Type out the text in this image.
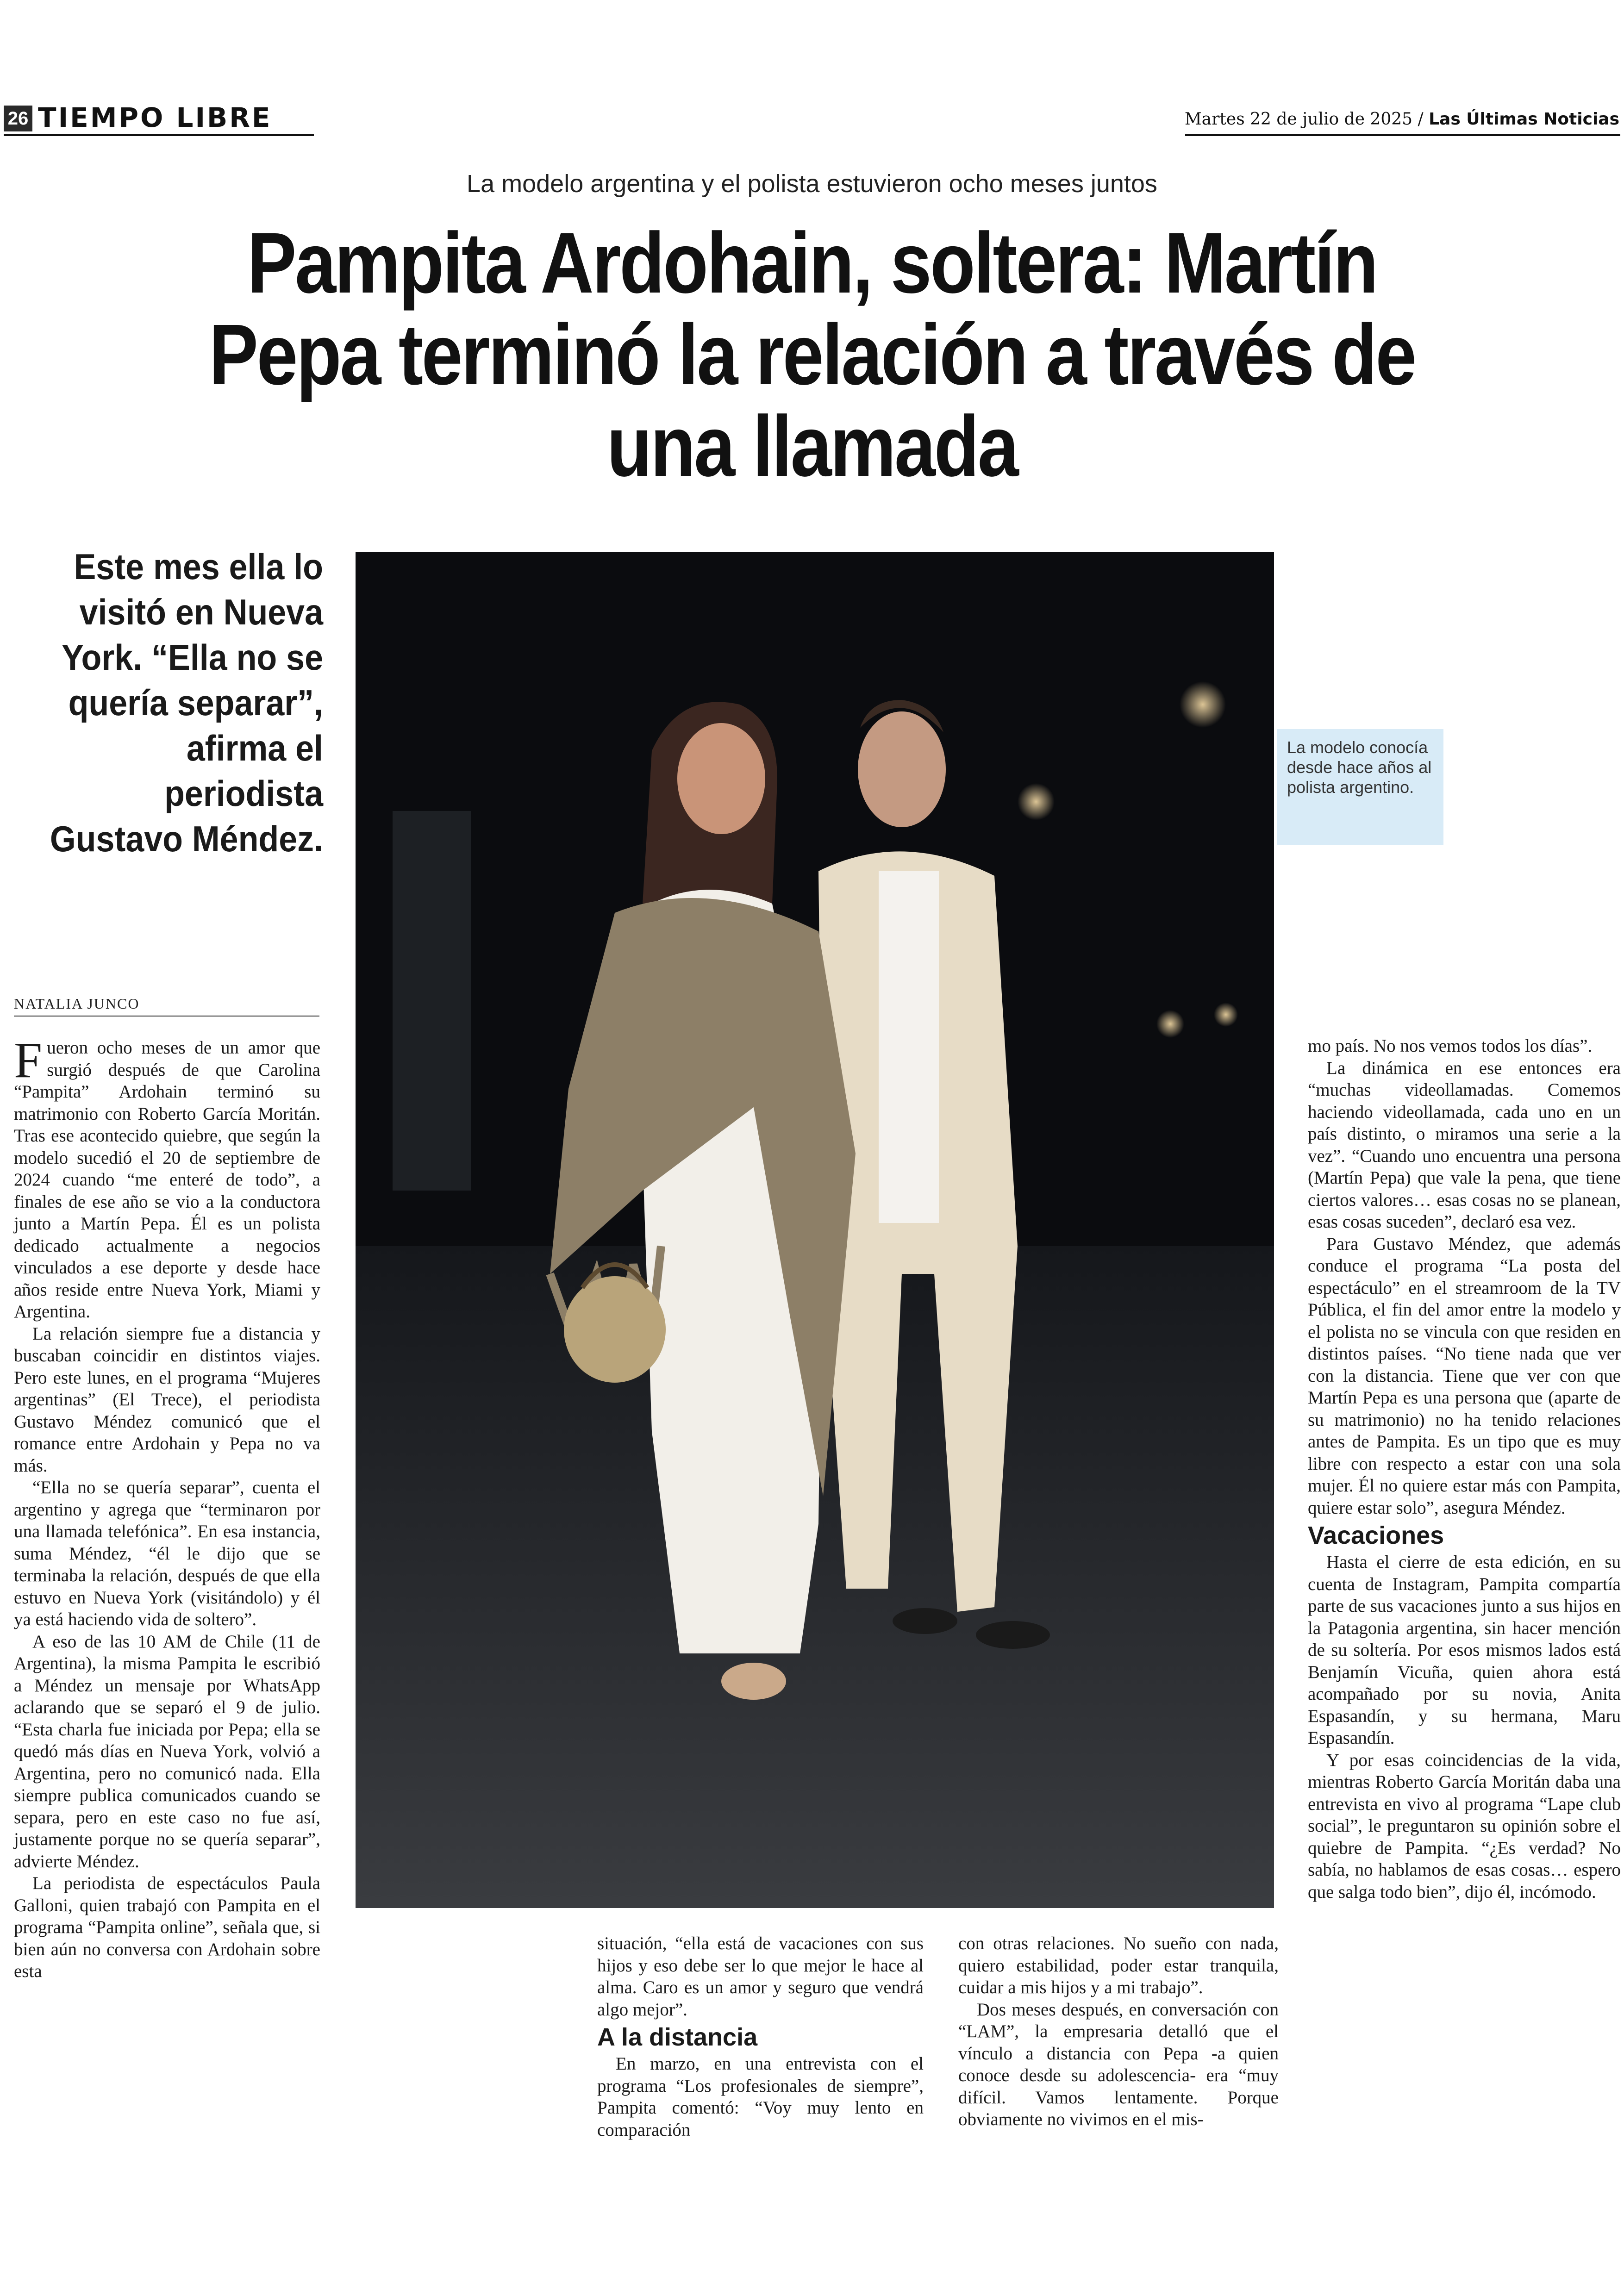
26 TIEMPO LIBRE	Martes 22 de julio de 2025 / Las Últimas Noticias
La modelo argentina y el polista estuvieron ocho meses juntos
Pampita Ardohain, soltera: Martín Pepa terminó la relación a través de una llamada
Este mes ella lo visitó en Nueva York. “Ella no se quería separar”, afirma el periodista Gustavo Méndez.
La modelo conocía desde hace años al polista argentino.
NATALIA JUNCO

Fueron ocho meses de un amor que surgió después de que Carolina “Pampita” Ardohain terminó su matrimonio con Roberto García Moritán. Tras ese acontecido quiebre, que según la modelo sucedió el 20 de septiembre de 2024 cuando “me enteré de todo”, a finales de ese año se vio a la conductora junto a Martín Pepa. Él es un polista dedicado actualmente a negocios vinculados a ese deporte y desde hace años reside entre Nueva York, Miami y Argentina.

La relación siempre fue a distancia y buscaban coincidir en distintos viajes. Pero este lunes, en el programa “Mujeres argentinas” (El Trece), el periodista Gustavo Méndez comunicó que el romance entre Ardohain y Pepa no va más.

“Ella no se quería separar”, cuenta el argentino y agrega que “terminaron por una llamada telefónica”. En esa instancia, suma Méndez, “él le dijo que se terminaba la relación, después de que ella estuvo en Nueva York (visitándolo) y él ya está haciendo vida de soltero”.

A eso de las 10 AM de Chile (11 de Argentina), la misma Pampita le escribió a Méndez un mensaje por WhatsApp aclarando que se separó el 9 de julio. “Esta charla fue iniciada por Pepa; ella se quedó más días en Nueva York, volvió a Argentina, pero no comunicó nada. Ella siempre publica comunicados cuando se separa, pero en este caso no fue así, justamente porque no se quería separar”, advierte Méndez.

La periodista de espectáculos Paula Galloni, quien trabajó con Pampita en el programa “Pampita online”, señala que, si bien aún no conversa con Ardohain sobre esta

situación, “ella está de vacaciones con sus hijos y eso debe ser lo que mejor le hace al alma. Caro es un amor y seguro que vendrá algo mejor”.

A la distancia

En marzo, en una entrevista con el programa “Los profesionales de siempre”, Pampita comentó: “Voy muy lento en comparación

con otras relaciones. No sueño con nada, quiero estabilidad, poder estar tranquila, cuidar a mis hijos y a mi trabajo”.

Dos meses después, en conversación con “LAM”, la empresaria detalló que el vínculo a distancia con Pepa -a quien conoce desde su adolescencia- era “muy difícil. Vamos lentamente. Porque obviamente no vivimos en el mis-

mo país. No nos vemos todos los días”.

La dinámica en ese entonces era “muchas videollamadas. Comemos haciendo videollamada, cada uno en un país distinto, o miramos una serie a la vez”. “Cuando uno encuentra una persona (Martín Pepa) que vale la pena, que tiene ciertos valores… esas cosas no se planean, esas cosas suceden”, declaró esa vez.

Para Gustavo Méndez, que además conduce el programa “La posta del espectáculo” en el streamroom de la TV Pública, el fin del amor entre la modelo y el polista no se vincula con que residen en distintos países. “No tiene nada que ver con la distancia. Tiene que ver con que Martín Pepa es una persona que (aparte de su matrimonio) no ha tenido relaciones antes de Pampita. Es un tipo que es muy libre con respecto a estar con una sola mujer. Él no quiere estar más con Pampita, quiere estar solo”, asegura Méndez.

Vacaciones

Hasta el cierre de esta edición, en su cuenta de Instagram, Pampita compartía parte de sus vacaciones junto a sus hijos en la Patagonia argentina, sin hacer mención de su soltería. Por esos mismos lados está Benjamín Vicuña, quien ahora está acompañado por su novia, Anita Espasandín, y su hermana, Maru Espasandín.

Y por esas coincidencias de la vida, mientras Roberto García Moritán daba una entrevista en vivo al programa “Lape club social”, le preguntaron su opinión sobre el quiebre de Pampita. “¿Es verdad? No sabía, no hablamos de esas cosas… espero que salga todo bien”, dijo él, incómodo.
